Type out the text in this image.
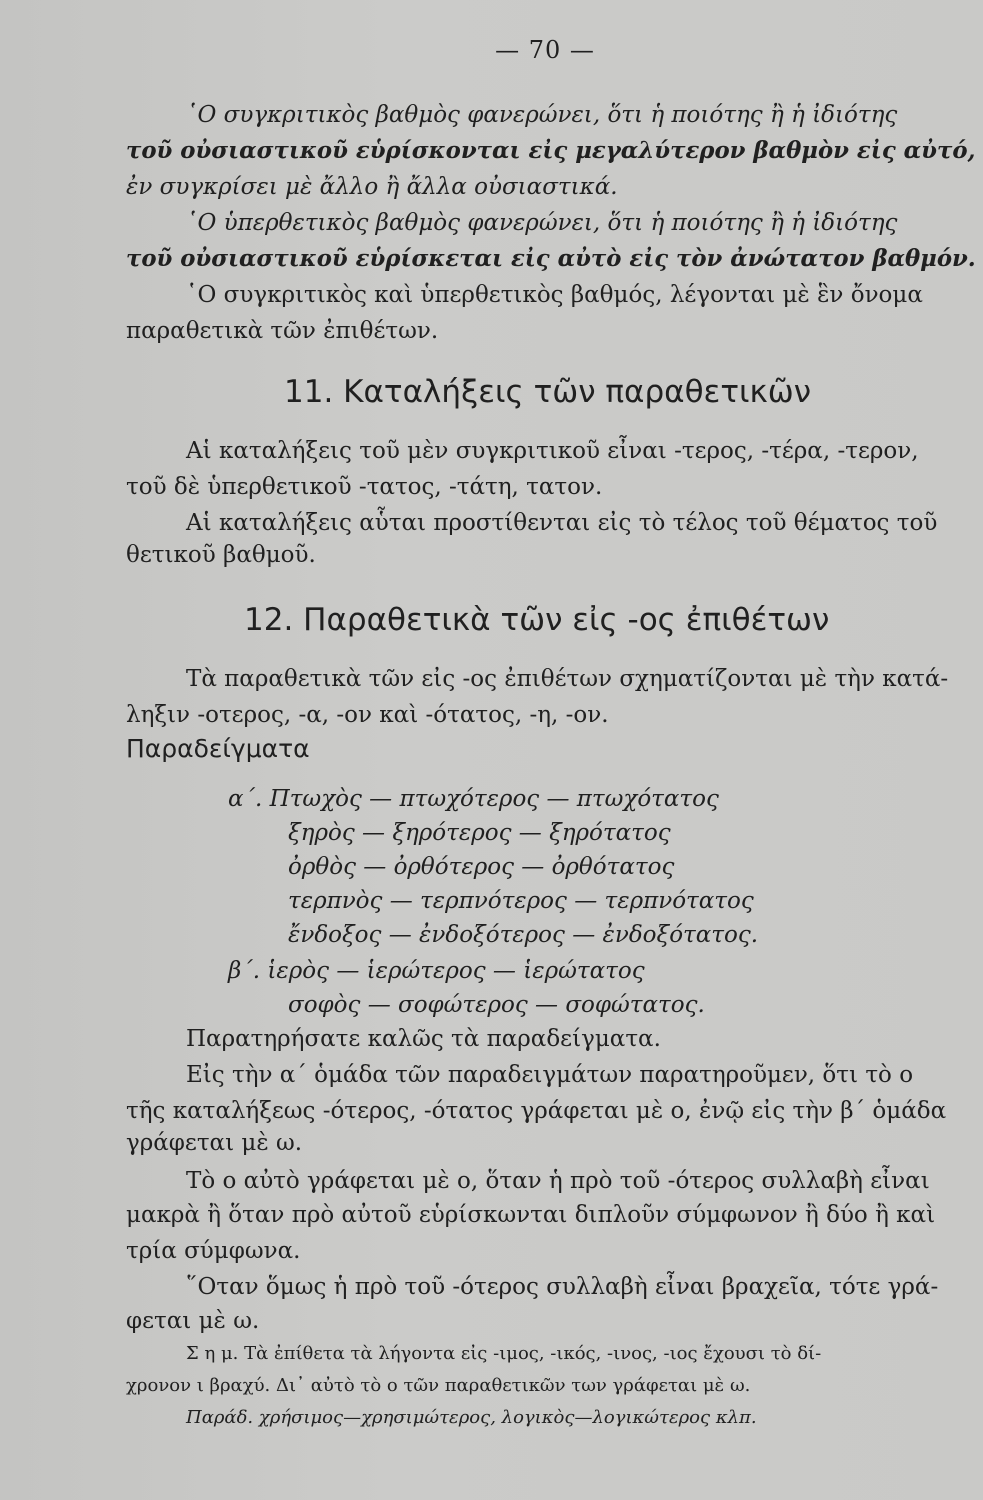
— 70 —
῾Ο συγκριτικὸς βαθμὸς φανερώνει, ὅτι ἡ ποιότης ἢ ἡ ἰδιότης
τοῦ οὐσιαστικοῦ εὑρίσκονται εἰς μεγαλύτερον βαθμὸν εἰς αὐτό,
ἐν συγκρίσει μὲ ἄλλο ἢ ἄλλα οὐσιαστικά.
῾Ο ὑπερθετικὸς βαθμὸς φανερώνει, ὅτι ἡ ποιότης ἢ ἡ ἰδιότης
τοῦ οὐσιαστικοῦ εὑρίσκεται εἰς αὐτὸ εἰς τὸν ἀνώτατον βαθμόν.
῾Ο συγκριτικὸς καὶ ὑπερθετικὸς βαθμός, λέγονται μὲ ἓν ὄνομα
παραθετικὰ τῶν ἐπιθέτων.
11. Καταλήξεις τῶν παραθετικῶν
Αἱ καταλήξεις τοῦ μὲν συγκριτικοῦ εἶναι -τερος, -τέρα, -τερον,
τοῦ δὲ ὑπερθετικοῦ -τατος, -τάτη, τατον.
Αἱ καταλήξεις αὗται προστίθενται εἰς τὸ τέλος τοῦ θέματος τοῦ
θετικοῦ βαθμοῦ.
12. Παραθετικὰ τῶν εἰς -ος ἐπιθέτων
Τὰ παραθετικὰ τῶν εἰς -ος ἐπιθέτων σχηματίζονται μὲ τὴν κατά-
ληξιν -οτερος, -α, -ον καὶ -ότατος, -η, -ον.
Παραδείγματα
α΄. Πτωχὸς — πτωχότερος — πτωχότατος
ξηρὸς — ξηρότερος — ξηρότατος
ὀρθὸς — ὀρθότερος — ὀρθότατος
τερπνὸς — τερπνότερος — τερπνότατος
ἔνδοξος — ἐνδοξότερος — ἐνδοξότατος.
β΄. ἱερὸς — ἱερώτερος — ἱερώτατος
σοφὸς — σοφώτερος — σοφώτατος.
Παρατηρήσατε καλῶς τὰ παραδείγματα.
Εἰς τὴν α΄ ὁμάδα τῶν παραδειγμάτων παρατηροῦμεν, ὅτι τὸ ο
τῆς καταλήξεως -ότερος, -ότατος γράφεται μὲ ο, ἐνῷ εἰς τὴν β΄ ὁμάδα
γράφεται μὲ ω.
Τὸ ο αὐτὸ γράφεται μὲ ο, ὅταν ἡ πρὸ τοῦ -ότερος συλλαβὴ εἶναι
μακρὰ ἢ ὅταν πρὸ αὐτοῦ εὑρίσκωνται διπλοῦν σύμφωνον ἢ δύο ἢ καὶ
τρία σύμφωνα.
῞Οταν ὅμως ἡ πρὸ τοῦ -ότερος συλλαβὴ εἶναι βραχεῖα, τότε γρά-
φεται μὲ ω.
Σ η μ. Τὰ ἐπίθετα τὰ λήγοντα εἰς -ιμος, -ικός, -ινος, -ιος ἔχουσι τὸ δί-
χρονον ι βραχύ. Δι᾿ αὐτὸ τὸ ο τῶν παραθετικῶν των γράφεται μὲ ω.
Παράδ. χρήσιμος—χρησιμώτερος, λογικὸς—λογικώτερος κλπ.
